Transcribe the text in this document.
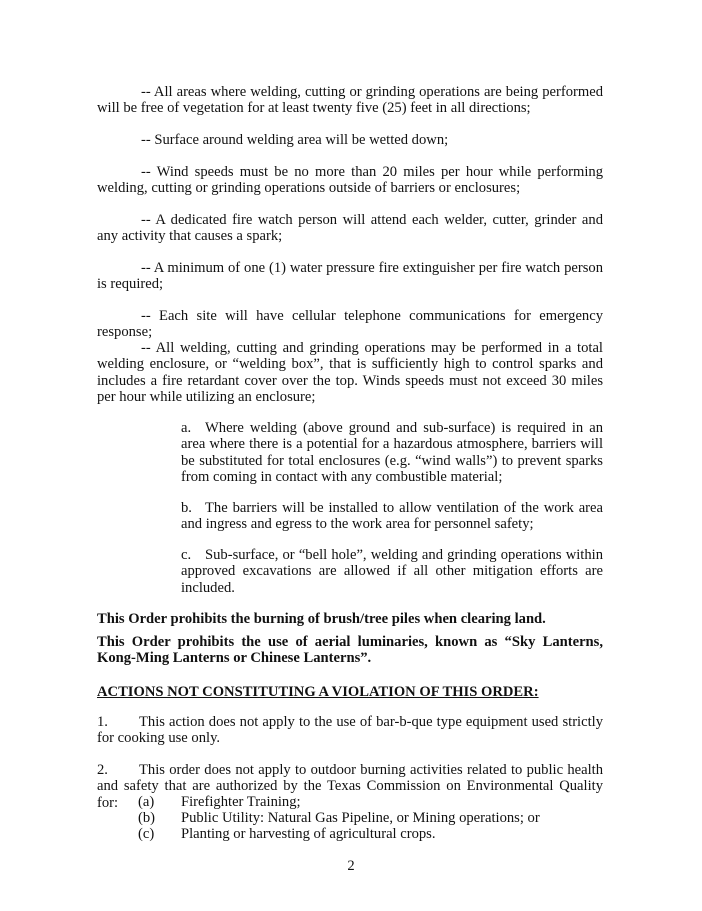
-- All areas where welding, cutting or grinding operations are being performed will be free of vegetation for at least twenty five (25) feet in all directions;

-- Surface around welding area will be wetted down;

-- Wind speeds must be no more than 20 miles per hour while performing welding, cutting or grinding operations outside of barriers or enclosures;

-- A dedicated fire watch person will attend each welder, cutter, grinder and any activity that causes a spark;

-- A minimum of one (1) water pressure fire extinguisher per fire watch person is required;

-- Each site will have cellular telephone communications for emergency response;

-- All welding, cutting and grinding operations may be performed in a total welding enclosure, or “welding box”, that is sufficiently high to control sparks and includes a fire retardant cover over the top. Winds speeds must not exceed 30 miles per hour while utilizing an enclosure;

a. Where welding (above ground and sub-surface) is required in an area where there is a potential for a hazardous atmosphere, barriers will be substituted for total enclosures (e.g. “wind walls”) to prevent sparks from coming in contact with any combustible material;
b. The barriers will be installed to allow ventilation of the work area and ingress and egress to the work area for personnel safety;
c. Sub-surface, or “bell hole”, welding and grinding operations within approved excavations are allowed if all other mitigation efforts are included.

This Order prohibits the burning of brush/tree piles when clearing land.

This Order prohibits the use of aerial luminaries, known as “Sky Lanterns, Kong-Ming Lanterns or Chinese Lanterns”.

ACTIONS NOT CONSTITUTING A VIOLATION OF THIS ORDER:

1. This action does not apply to the use of bar-b-que type equipment used strictly for cooking use only.
2. This order does not apply to outdoor burning activities related to public health and safety that are authorized by the Texas Commission on Environmental Quality for:	(a) Firefighter Training;
(b) Public Utility: Natural Gas Pipeline, or Mining operations; or
(c) Planting or harvesting of agricultural crops.

2
